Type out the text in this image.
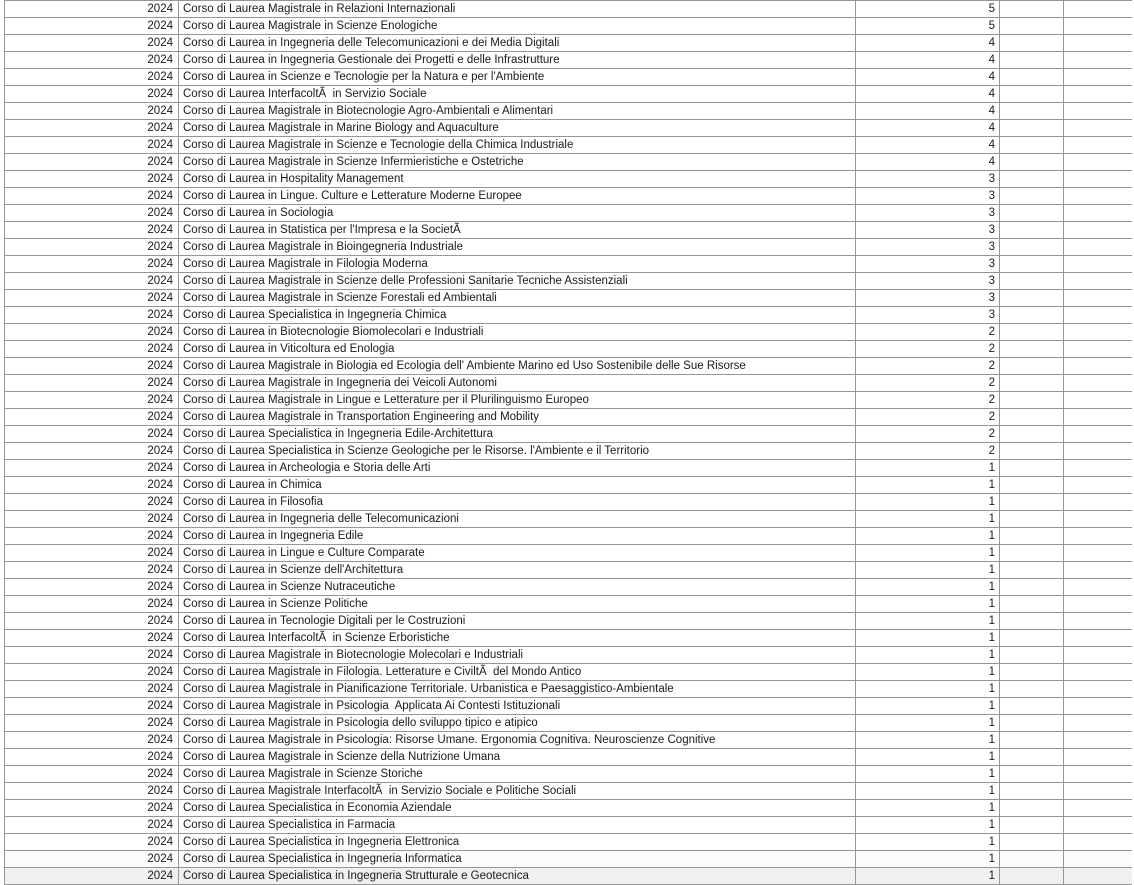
2024	Corso di Laurea Magistrale in Relazioni Internazionali	5		
2024	Corso di Laurea Magistrale in Scienze Enologiche	5		
2024	Corso di Laurea in Ingegneria delle Telecomunicazioni e dei Media Digitali	4		
2024	Corso di Laurea in Ingegneria Gestionale dei Progetti e delle Infrastrutture	4		
2024	Corso di Laurea in Scienze e Tecnologie per la Natura e per l'Ambiente	4		
2024	Corso di Laurea InterfacoltÃ  in Servizio Sociale	4		
2024	Corso di Laurea Magistrale in Biotecnologie Agro-Ambientali e Alimentari	4		
2024	Corso di Laurea Magistrale in Marine Biology and Aquaculture	4		
2024	Corso di Laurea Magistrale in Scienze e Tecnologie della Chimica Industriale	4		
2024	Corso di Laurea Magistrale in Scienze Infermieristiche e Ostetriche	4		
2024	Corso di Laurea in Hospitality Management	3		
2024	Corso di Laurea in Lingue. Culture e Letterature Moderne Europee	3		
2024	Corso di Laurea in Sociologia	3		
2024	Corso di Laurea in Statistica per l'Impresa e la SocietÃ	3		
2024	Corso di Laurea Magistrale in Bioingegneria Industriale	3		
2024	Corso di Laurea Magistrale in Filologia Moderna	3		
2024	Corso di Laurea Magistrale in Scienze delle Professioni Sanitarie Tecniche Assistenziali	3		
2024	Corso di Laurea Magistrale in Scienze Forestali ed Ambientali	3		
2024	Corso di Laurea Specialistica in Ingegneria Chimica	3		
2024	Corso di Laurea in Biotecnologie Biomolecolari e Industriali	2		
2024	Corso di Laurea in Viticoltura ed Enologia	2		
2024	Corso di Laurea Magistrale in Biologia ed Ecologia dell' Ambiente Marino ed Uso Sostenibile delle Sue Risorse	2		
2024	Corso di Laurea Magistrale in Ingegneria dei Veicoli Autonomi	2		
2024	Corso di Laurea Magistrale in Lingue e Letterature per il Plurilinguismo Europeo	2		
2024	Corso di Laurea Magistrale in Transportation Engineering and Mobility	2		
2024	Corso di Laurea Specialistica in Ingegneria Edile-Architettura	2		
2024	Corso di Laurea Specialistica in Scienze Geologiche per le Risorse. l'Ambiente e il Territorio	2		
2024	Corso di Laurea in Archeologia e Storia delle Arti	1		
2024	Corso di Laurea in Chimica	1		
2024	Corso di Laurea in Filosofia	1		
2024	Corso di Laurea in Ingegneria delle Telecomunicazioni	1		
2024	Corso di Laurea in Ingegneria Edile	1		
2024	Corso di Laurea in Lingue e Culture Comparate	1		
2024	Corso di Laurea in Scienze dell'Architettura	1		
2024	Corso di Laurea in Scienze Nutraceutiche	1		
2024	Corso di Laurea in Scienze Politiche	1		
2024	Corso di Laurea in Tecnologie Digitali per le Costruzioni	1		
2024	Corso di Laurea InterfacoltÃ  in Scienze Erboristiche	1		
2024	Corso di Laurea Magistrale in Biotecnologie Molecolari e Industriali	1		
2024	Corso di Laurea Magistrale in Filologia. Letterature e CiviltÃ  del Mondo Antico	1		
2024	Corso di Laurea Magistrale in Pianificazione Territoriale. Urbanistica e Paesaggistico-Ambientale	1		
2024	Corso di Laurea Magistrale in Psicologia  Applicata Ai Contesti Istituzionali	1		
2024	Corso di Laurea Magistrale in Psicologia dello sviluppo tipico e atipico	1		
2024	Corso di Laurea Magistrale in Psicologia: Risorse Umane. Ergonomia Cognitiva. Neuroscienze Cognitive	1		
2024	Corso di Laurea Magistrale in Scienze della Nutrizione Umana	1		
2024	Corso di Laurea Magistrale in Scienze Storiche	1		
2024	Corso di Laurea Magistrale InterfacoltÃ  in Servizio Sociale e Politiche Sociali	1		
2024	Corso di Laurea Specialistica in Economia Aziendale	1		
2024	Corso di Laurea Specialistica in Farmacia	1		
2024	Corso di Laurea Specialistica in Ingegneria Elettronica	1		
2024	Corso di Laurea Specialistica in Ingegneria Informatica	1		
2024	Corso di Laurea Specialistica in Ingegneria Strutturale e Geotecnica	1		
